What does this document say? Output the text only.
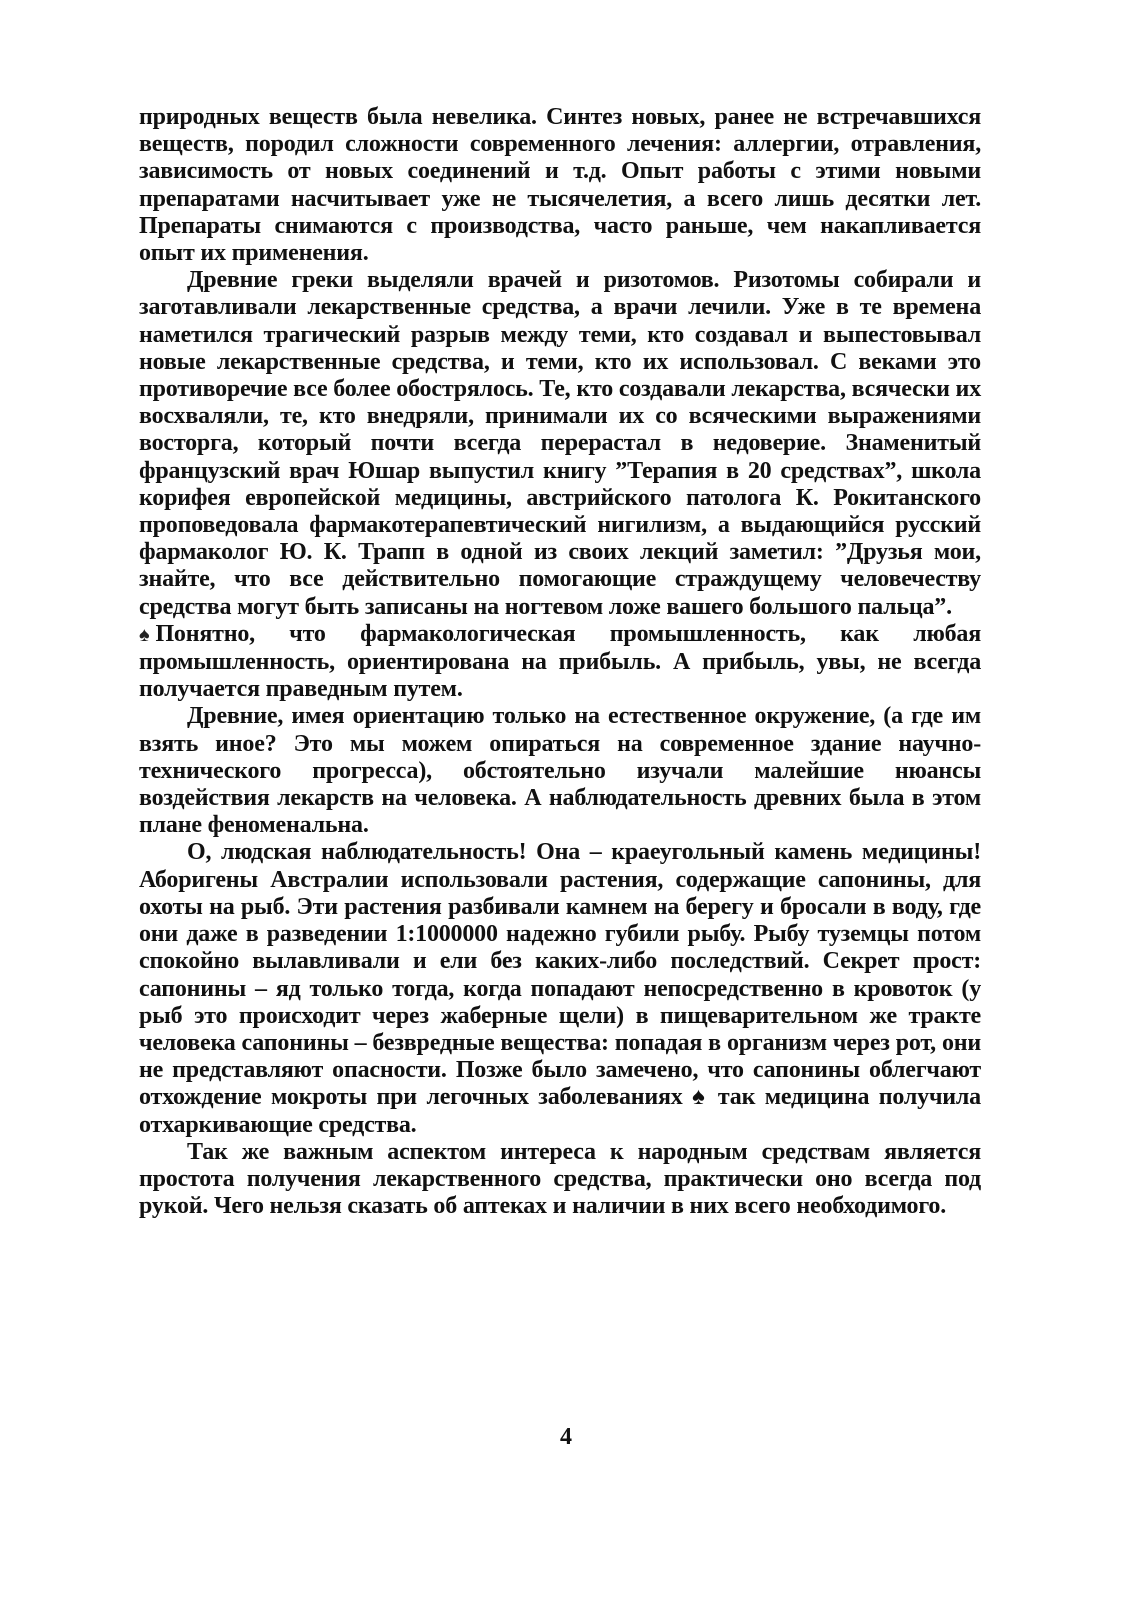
природных веществ была невелика. Синтез новых, ранее не встречавшихся веществ, породил сложности современного лечения: аллергии, отравления, зависимость от новых соединений и т.д. Опыт работы с этими новыми препаратами насчитывает уже не тысячелетия, а всего лишь десятки лет. Препараты снимаются с производства, часто раньше, чем накапливается опыт их применения.

Древние греки выделяли врачей и ризотомов. Ризотомы собирали и заготавливали лекарственные средства, а врачи лечили. Уже в те времена наметился трагический разрыв между теми, кто создавал и выпестовывал новые лекарственные средства, и теми, кто их использовал. С веками это противоречие все более обострялось. Те, кто создавали лекарства, всячески их восхваляли, те, кто внедряли, принимали их со всяческими выражениями восторга, который почти всегда перерастал в недоверие. Знаменитый французский врач Юшар выпустил книгу ”Терапия в 20 средствах”, школа корифея европейской медицины, австрийского патолога К. Рокитанского проповедовала фармакотерапевтический нигилизм, а выдающийся русский фармаколог Ю. К. Трапп в одной из своих лекций заметил: ”Друзья мои, знайте, что все действительно помогающие страждущему человечеству средства могут быть записаны на ногтевом ложе вашего большого пальца”.

♠ Понятно, что фармакологическая промышленность, как любая промышленность, ориентирована на прибыль. А прибыль, увы, не всегда получается праведным путем.

Древние, имея ориентацию только на естественное окружение, (а где им взять иное? Это мы можем опираться на современное здание научно-технического прогресса), обстоятельно изучали малейшие нюансы воздействия лекарств на человека. А наблюдательность древних была в этом плане феноменальна.

О, людская наблюдательность! Она – краеугольный камень медицины! Аборигены Австралии использовали растения, содержащие сапонины, для охоты на рыб. Эти растения разбивали камнем на берегу и бросали в воду, где они даже в разведении 1:1000000 надежно губили рыбу. Рыбу туземцы потом спокойно вылавливали и ели без каких-либо последствий. Секрет прост: сапонины – яд только тогда, когда попадают непосредственно в кровоток (у рыб это происходит через жаберные щели) в пищеварительном же тракте человека сапонины – безвредные вещества: попадая в организм через рот, они не представляют опасности. Позже было замечено, что сапонины облегчают отхождение мокроты при легочных заболеваниях ♠ так медицина получила отхаркивающие средства.

Так же важным аспектом интереса к народным средствам является простота получения лекарственного средства, практически оно всегда под рукой. Чего нельзя сказать об аптеках и наличии в них всего необходимого.

4
